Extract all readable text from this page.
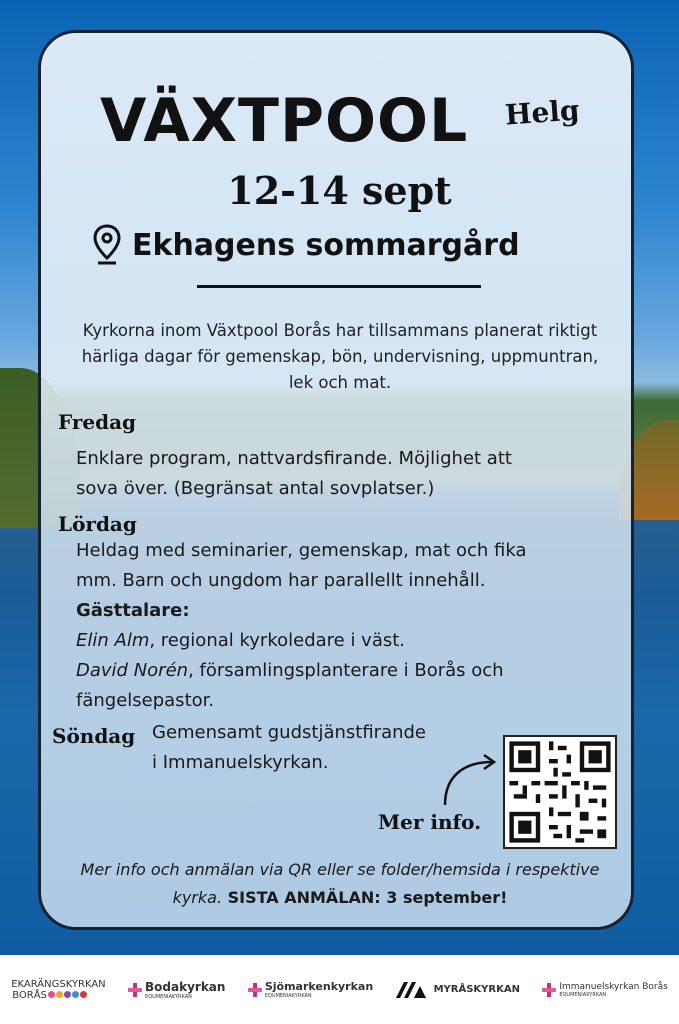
VÄXTPOOL Helg
12-14 sept
Ekhagens sommargård
Kyrkorna inom Växtpool Borås har tillsammans planerat riktigt härliga dagar för gemenskap, bön, undervisning, uppmuntran, lek och mat.
Fredag
Enklare program, nattvardsfirande. Möjlighet att
sova över. (Begränsat antal sovplatser.)
Lördag
Heldag med seminarier, gemenskap, mat och fika
mm. Barn och ungdom har parallellt innehåll.
Gästtalare:
Elin Alm, regional kyrkoledare i väst.
David Norén, församlingsplanterare i Borås och
fängelsepastor.
Söndag Gemensamt gudstjänstfirande
i Immanuelskyrkan.
Mer info.
Mer info och anmälan via QR eller se folder/hemsida i respektive kyrka. SISTA ANMÄLAN: 3 september!
EKARÄNGSKYRKAN
BORÅS
Bodakyrkan
EQUMENIAKYRKAN
Sjömarkenkyrkan
EQUMENIAKYRKAN
MYRÅSKYRKAN	Immanuelskyrkan Borås
EQUMENIAKYRKAN
